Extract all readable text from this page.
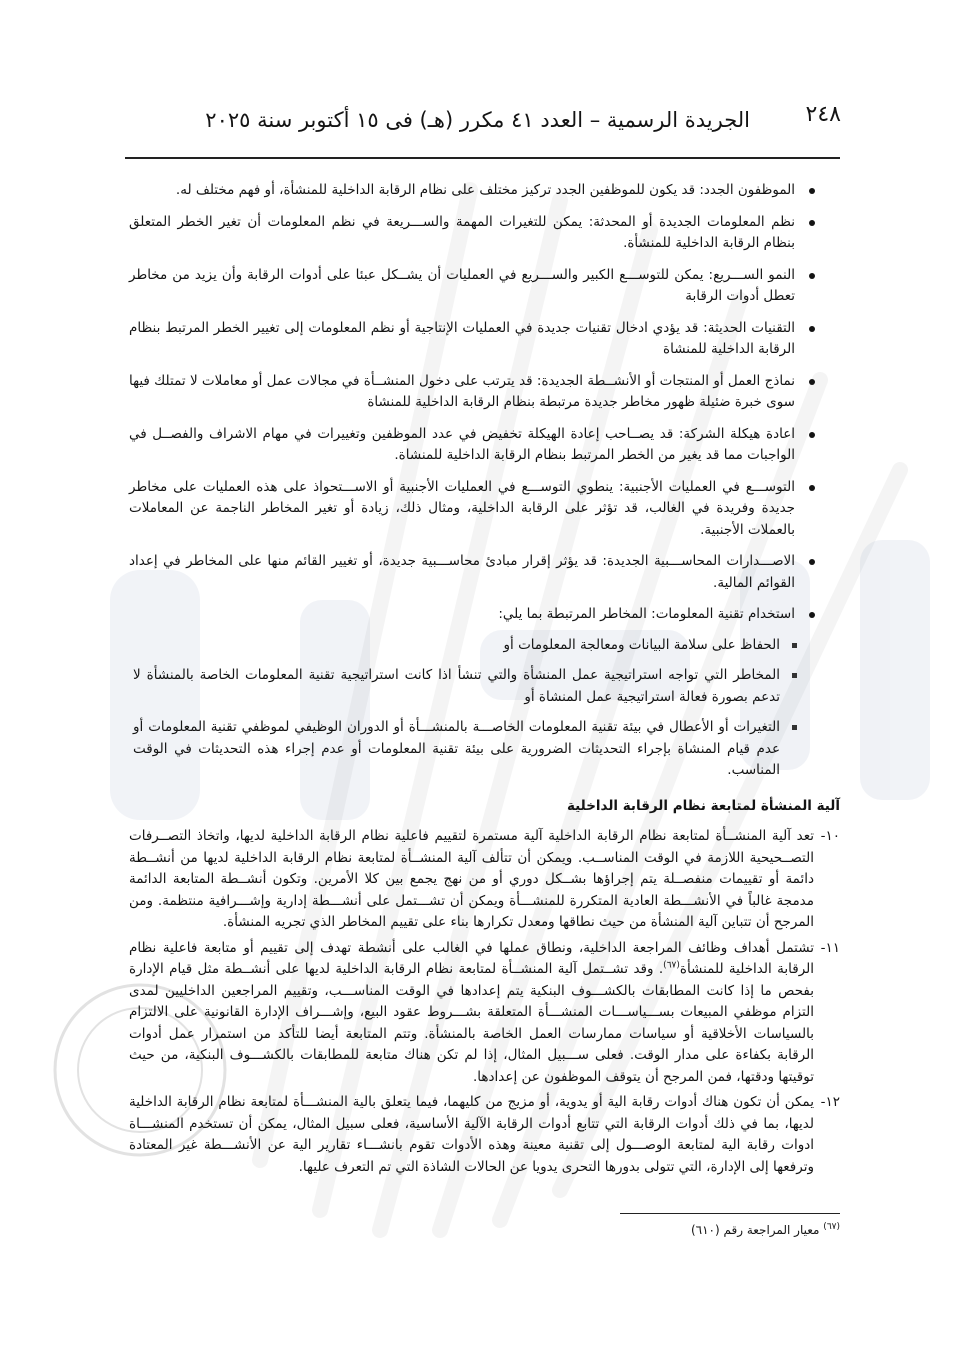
٢٤٨
الجريدة الرسمية – العدد ٤١ مكرر (هـ) فى ١٥ أكتوبر سنة ٢٠٢٥
الموظفون الجدد: قد يكون للموظفين الجدد تركيز مختلف على نظام الرقابة الداخلية للمنشأة، أو فهم مختلف له.
نظم المعلومات الجديدة أو المحدثة: يمكن للتغيرات المهمة والســـريعة في نظم المعلومات أن تغير الخطر المتعلق بنظام الرقابة الداخلية للمنشأة.
النمو الســـريع: يمكن للتوســـع الكبير والســـريع في العمليات أن يشــكل عبئا على أدوات الرقابة وأن يزيد من مخاطر تعطل أدوات الرقابة
التقنيات الحديثة: قد يؤدي ادخال تقنيات جديدة في العمليات الإنتاجية أو نظم المعلومات إلى تغيير الخطر المرتبط بنظام الرقابة الداخلية للمنشاة
نماذج العمل أو المنتجات أو الأنشــطة الجديدة: قد يترتب على دخول المنشــأة في مجالات عمل أو معاملات لا تمتلك فيها سوى خبرة ضئيلة ظهور مخاطر جديدة مرتبطة بنظام الرقابة الداخلية للمنشاة
اعادة هيكلة الشركة: قد يصــاحب إعادة الهيكلة تخفيض في عدد الموظفين وتغييرات في مهام الاشراف والفصــل في الواجبات مما قد يغير من الخطر المرتبط بنظام الرقابة الداخلية للمنشاة.
التوســـع في العمليات الأجنبية: ينطوي التوســـع في العمليات الأجنبية أو الاســـتحواذ على هذه العمليات على مخاطر جديدة وفريدة في الغالب، قد تؤثر على الرقابة الداخلية، ومثال ذلك، زيادة أو تغير المخاطر الناجمة عن المعاملات بالعملات الأجنبية.
الاصـــدارات المحاســـبية الجديدة: قد يؤثر إقرار مبادئ محاســـبية جديدة، أو تغيير القائم منها على المخاطر في إعداد القوائم المالية.
استخدام تقنية المعلومات: المخاطر المرتبطة بما يلي:
الحفاظ على سلامة البيانات ومعالجة المعلومات أو
المخاطر التي تواجه استراتيجية عمل المنشأة والتي تنشأ اذا كانت استراتيجية تقنية المعلومات الخاصة بالمنشأة لا تدعم بصورة فعالة استراتيجية عمل المنشاة أو
التغيرات أو الأعطال في بيئة تقنية المعلومات الخاصـــة بالمنشـــأة أو الدوران الوظيفي لموظفي تقنية المعلومات أو عدم قيام المنشاة بإجراء التحديثات الضرورية على بيئة تقنية المعلومات أو عدم إجراء هذه التحديثات في الوقت المناسب.
آلية المنشأة لمتابعة نظام الرقابة الداخلية
١٠-
تعد آلية المنشــأة لمتابعة نظام الرقابة الداخلية آلية مستمرة لتقييم فاعلية نظام الرقابة الداخلية لديها، واتخاذ التصــرفات التصــحيحية اللازمة في الوقت المناســب. ويمكن أن تتألف آلية المنشــأة لمتابعة نظام الرقابة الداخلية لديها من أنشــطة دائمة أو تقييمات منفصــلة يتم إجراؤها بشــكل دوري أو من نهج يجمع بين كلا الأمرين. وتكون أنشــطة المتابعة الدائمة مدمجة غالباً في الأنشـــطة العادية المتكررة للمنشـــأة ويمكن أن تشـــتمل على أنشـــطة إدارية وإشـــرافية منتظمة. ومن المرجح أن تتباين آلية المنشأة من حيث نطاقها ومعدل تكرارها بناء على تقييم المخاطر الذي تجريه المنشأة.
١١-
تشتمل أهداف وظائف المراجعة الداخلية، ونطاق عملها في الغالب على أنشطة تهدف إلى تقييم أو متابعة فاعلية نظام الرقابة الداخلية للمنشأة$^{(٦٧)}$. وقد تشــتمل آلية المنشــأة لمتابعة نظام الرقابة الداخلية لديها على أنشــطة مثل قيام الإدارة بفحص ما إذا كانت المطابقات بالكشـــوف البنكية يتم إعدادها في الوقت المناســـب، وتقييم المراجعين الداخليين لمدى التزام موظفي المبيعات بســـياســـات المنشـــأة المتعلقة بشـــروط عقود البيع، وإشـــراف الإدارة القانونية على الالتزام بالسياسات الأخلاقية أو سياسات ممارسات العمل الخاصة بالمنشأة. وتتم المتابعة أيضا للتأكد من استمرار عمل أدوات الرقابة بكفاءة على مدار الوقت. فعلى ســـبيل المثال، إذا لم تكن هناك متابعة للمطابقات بالكشـــوف البنكية، من حيث توقيتها ودقتها، فمن المرجح أن يتوقف الموظفون عن إعدادها.
١٢-
يمكن أن تكون هناك أدوات رقابة الية أو يدوية، أو مزيج من كليهما، فيما يتعلق بالية المنشـــأة لمتابعة نظام الرقابة الداخلية لديها، بما في ذلك أدوات الرقابة التي تتابع أدوات الرقابة الآلية الأساسية، فعلى سبيل المثال، يمكن أن تستخدم المنشـــاة ادوات رقابة الية لمتابعة الوصـــول إلى تقنية معينة وهذه الأدوات تقوم بانشـــاء تقارير الية عن الأنشـــطة غير المعتادة وترفعها إلى الإدارة، التي تتولى بدورها التحرى يدويا عن الحالات الشاذة التي تم التعرف عليها.
$^{(٦٧)}$ معيار المراجعة رقم (٦١٠)
